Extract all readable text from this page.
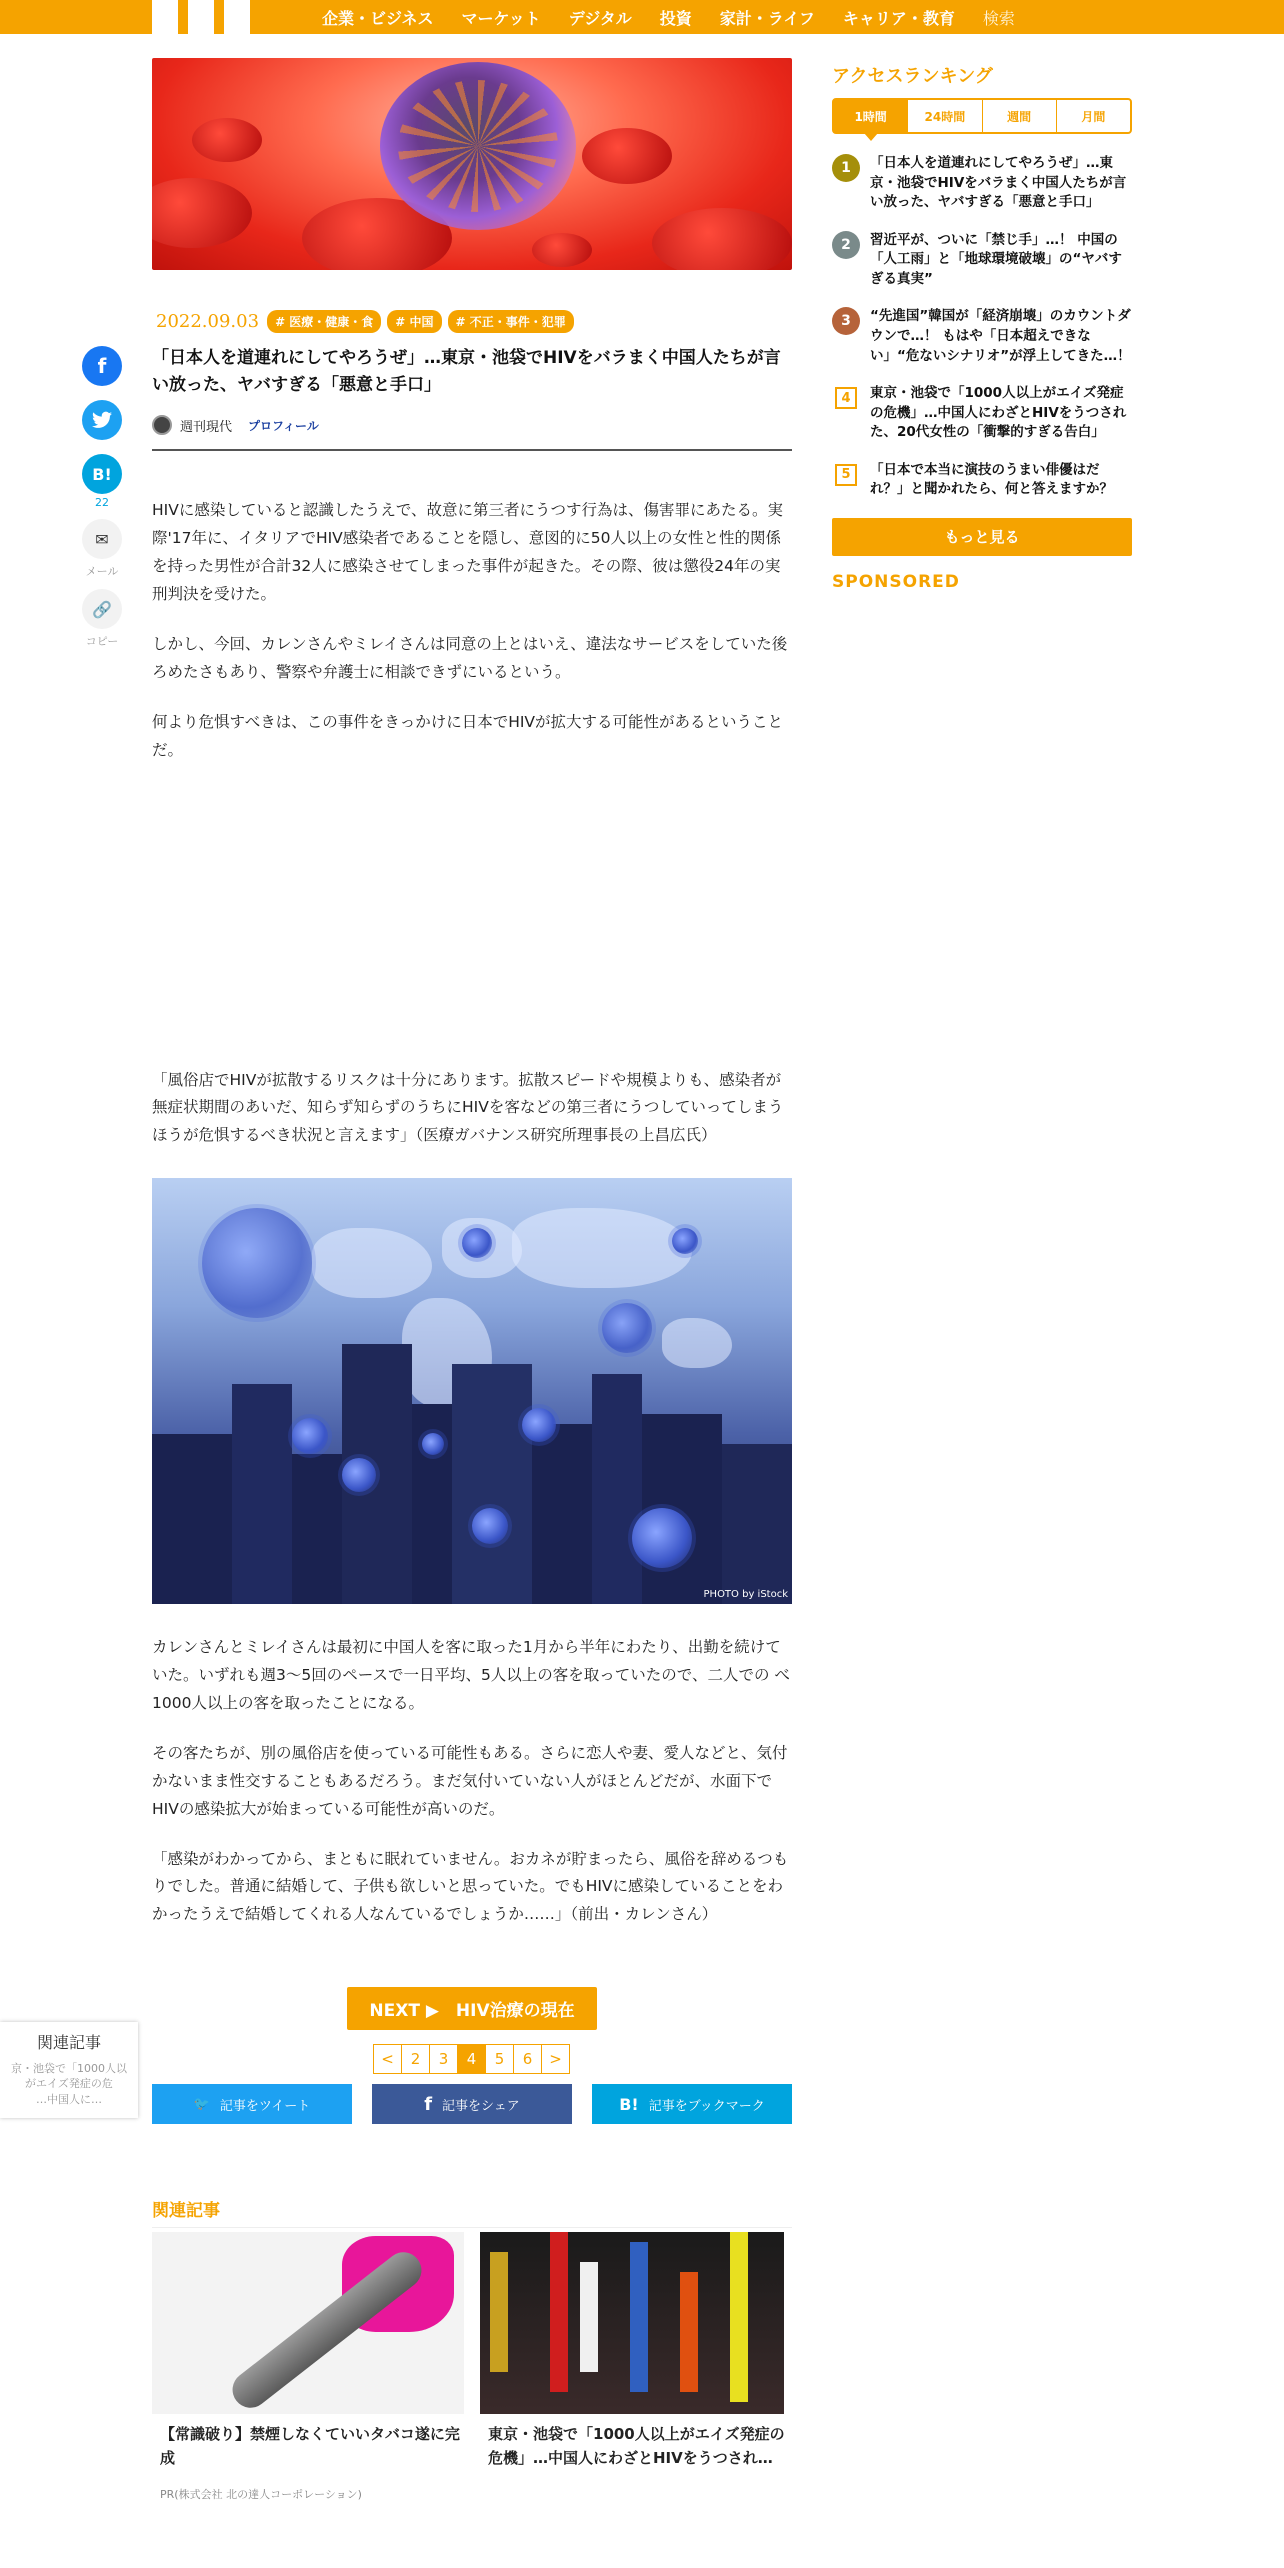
企業・ビジネス マーケット デジタル 投資 家計・ライフ キャリア・教育 検索
f
B!
22
✉
メール
🔗
コピー
2022.09.03	# 医療・健康・食	# 中国	# 不正・事件・犯罪
「日本人を道連れにしてやろうぜ」…東京・池袋でHIVをバラまく中国人たちが言い放った、ヤバすぎる「悪意と手口」
週刊現代 プロフィール

HIVに感染していると認識したうえで、故意に第三者にうつす行為は、傷害罪にあたる。実際'17年に、イタリアでHIV感染者であることを隠し、意図的に50人以上の女性と性的関係を持った男性が合計32人に感染させてしまった事件が起きた。その際、彼は懲役24年の実刑判決を受けた。

しかし、今回、カレンさんやミレイさんは同意の上とはいえ、違法なサービスをしていた後ろめたさもあり、警察や弁護士に相談できずにいるという。

何より危惧すべきは、この事件をきっかけに日本でHIVが拡大する可能性があるということだ。

「風俗店でHIVが拡散するリスクは十分にあります。拡散スピードや規模よりも、感染者が無症状期間のあいだ、知らず知らずのうちにHIVを客などの第三者にうつしていってしまうほうが危惧するべき状況と言えます」（医療ガバナンス研究所理事長の上昌広氏）

PHOTO by iStock

カレンさんとミレイさんは最初に中国人を客に取った1月から半年にわたり、出勤を続けていた。いずれも週3～5回のペースで一日平均、5人以上の客を取っていたので、二人での べ1000人以上の客を取ったことになる。

その客たちが、別の風俗店を使っている可能性もある。さらに恋人や妻、愛人などと、気付かないまま性交することもあるだろう。まだ気付いていない人がほとんどだが、水面下でHIVの感染拡大が始まっている可能性が高いのだ。

「感染がわかってから、まともに眠れていません。おカネが貯まったら、風俗を辞めるつもりでした。普通に結婚して、子供も欲しいと思っていた。でもHIVに感染していることをわかったうえで結婚してくれる人なんているでしょうか……」（前出・カレンさん）

NEXT ▶　HIV治療の現在
<	2	3	4	5	6	>
🐦 記事をツイート	f 記事をシェア	B! 記事をブックマーク
関連記事
【常識破り】禁煙しなくていいタバコ遂に完成
PR(株式会社 北の達人コーポレーション)
東京・池袋で「1000人以上がエイズ発症の危機」…中国人にわざとHIVをうつされ…
関連記事
京・池袋で「1000人以
がエイズ発症の危
…中国人に…
アクセスランキング
1時間	24時間	週間	月間
1	「日本人を道連れにしてやろうぜ」…東京・池袋でHIVをバラまく中国人たちが言い放った、ヤバすぎる「悪意と手口」
2	習近平が、ついに「禁じ手」…！ 中国の「人工雨」と「地球環境破壊」の“ヤバすぎる真実”
3	“先進国”韓国が「経済崩壊」のカウントダウンで…！ もはや「日本超えできない」“危ないシナリオ”が浮上してきた…！
4	東京・池袋で「1000人以上がエイズ発症の危機」…中国人にわざとHIVをうつされた、20代女性の「衝撃的すぎる告白」
5	「日本で本当に演技のうまい俳優はだれ？」と聞かれたら、何と答えますか？
もっと見る
SPONSORED
